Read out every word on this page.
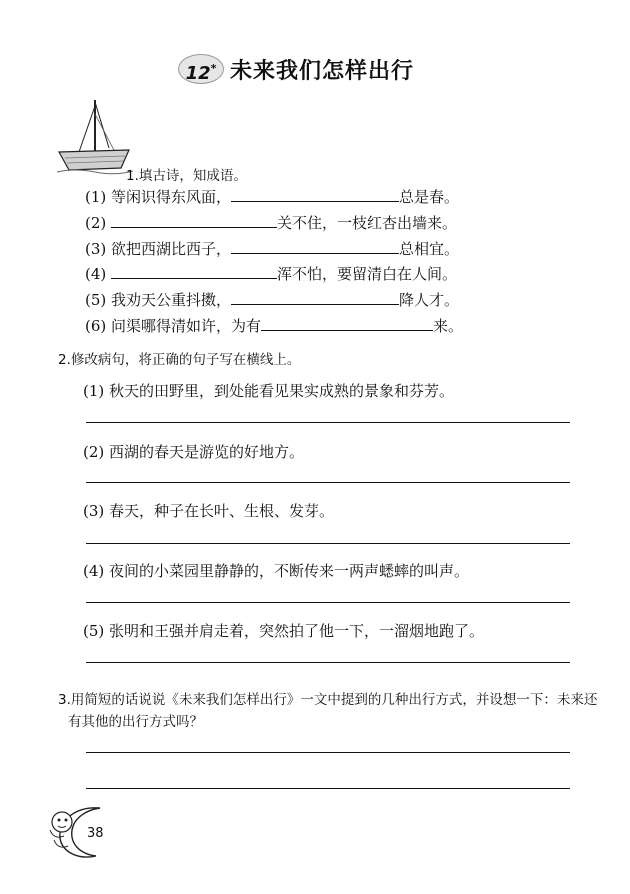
12* 未来我们怎样出行
1.填古诗，知成语。
(1) 等闲识得东风面，	总是春。
(2)	关不住，一枝红杏出墙来。
(3) 欲把西湖比西子，	总相宜。
(4)	浑不怕，要留清白在人间。
(5) 我劝天公重抖擞，	降人才。
(6) 问渠哪得清如许，为有	来。
2.修改病句，将正确的句子写在横线上。
(1) 秋天的田野里，到处能看见果实成熟的景象和芬芳。
(2) 西湖的春天是游览的好地方。
(3) 春天，种子在长叶、生根、发芽。
(4) 夜间的小菜园里静静的，不断传来一两声蟋蟀的叫声。
(5) 张明和王强并肩走着，突然拍了他一下，一溜烟地跑了。
3.用简短的话说说《未来我们怎样出行》一文中提到的几种出行方式，并设想一下：未来还
有其他的出行方式吗？
38
